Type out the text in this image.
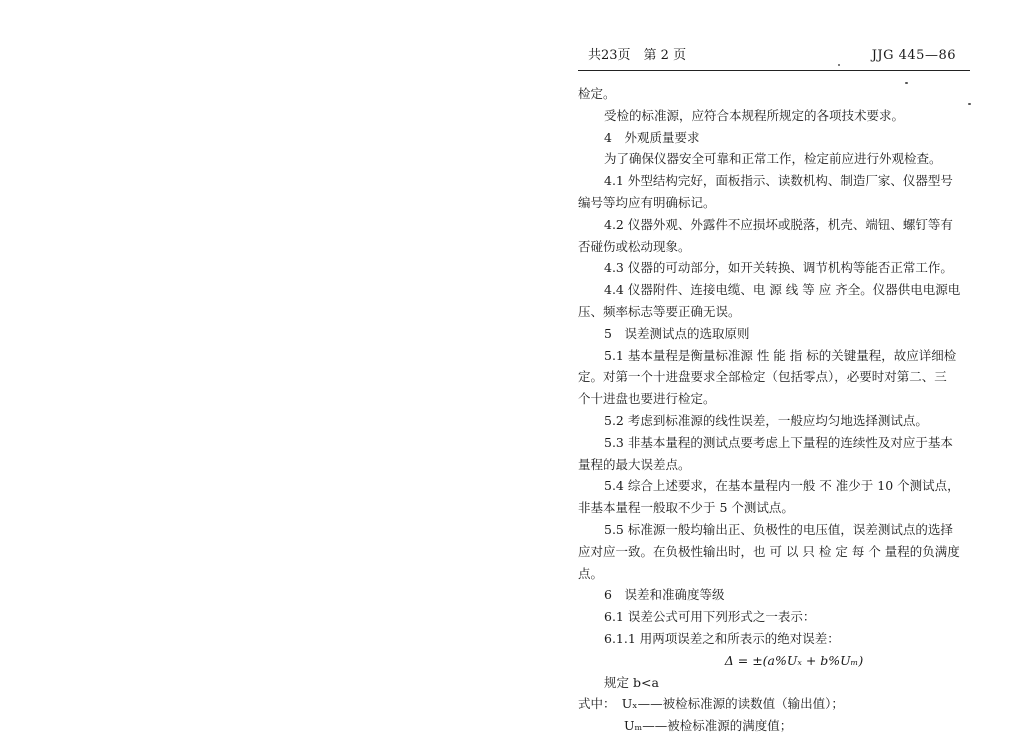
共23页　第 2 页	JJG 445—86
检定。
受检的标准源，应符合本规程所规定的各项技术要求。
4　外观质量要求
为了确保仪器安全可靠和正常工作，检定前应进行外观检查。
4.1 外型结构完好，面板指示、读数机构、制造厂家、仪器型号
编号等均应有明确标记。
4.2 仪器外观、外露件不应损坏或脱落，机壳、端钮、螺钉等有
否碰伤或松动现象。
4.3 仪器的可动部分，如开关转换、调节机构等能否正常工作。
4.4 仪器附件、连接电缆、电 源 线 等 应 齐全。仪器供电电源电
压、频率标志等要正确无误。
5　误差测试点的选取原则
5.1 基本量程是衡量标准源 性 能 指 标的关键量程，故应详细检
定。对第一个十进盘要求全部检定（包括零点），必要时对第二、三
个十进盘也要进行检定。
5.2 考虑到标准源的线性误差，一般应均匀地选择测试点。
5.3 非基本量程的测试点要考虑上下量程的连续性及对应于基本
量程的最大误差点。
5.4 综合上述要求，在基本量程内一般 不 准少于 10 个测试点，
非基本量程一般取不少于 5 个测试点。
5.5 标准源一般均输出正、负极性的电压值，误差测试点的选择
应对应一致。在负极性输出时，也 可 以 只 检 定 每 个 量程的负满度
点。
6　误差和准确度等级
6.1 误差公式可用下列形式之一表示：
6.1.1 用两项误差之和所表示的绝对误差：
Δ = ±(a%Uₓ + b%Uₘ)
规定 b<a
式中：　Uₓ——被检标准源的读数值（输出值）；
Uₘ——被检标准源的满度值；
